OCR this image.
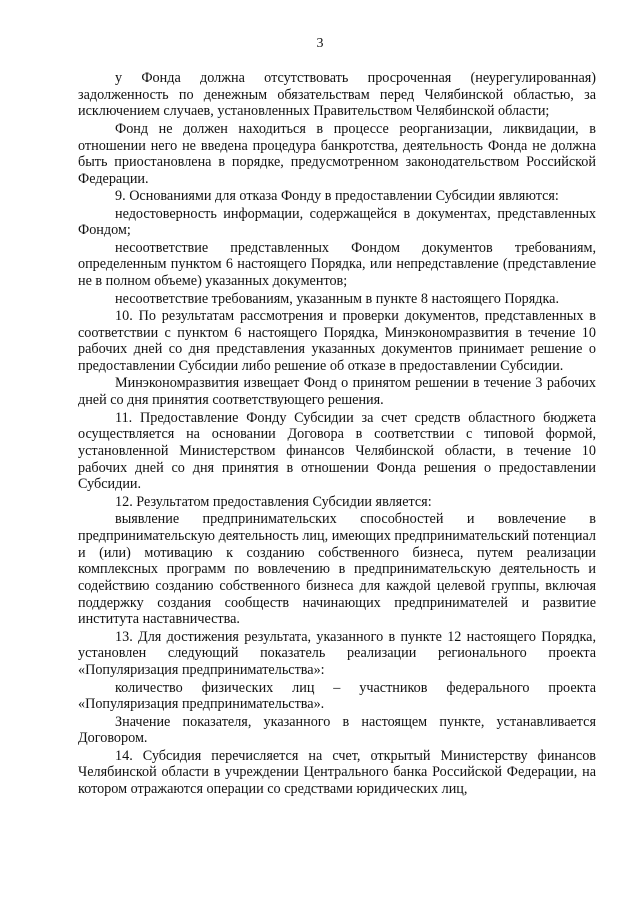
3

у Фонда должна отсутствовать просроченная (неурегулированная) задолженность по денежным обязательствам перед Челябинской областью, за исключением случаев, установленных Правительством Челябинской области;

Фонд не должен находиться в процессе реорганизации, ликвидации, в отношении него не введена процедура банкротства, деятельность Фонда не должна быть приостановлена в порядке, предусмотренном законодательством Российской Федерации.

9. Основаниями для отказа Фонду в предоставлении Субсидии являются:

недостоверность информации, содержащейся в документах, представленных Фондом;

несоответствие представленных Фондом документов требованиям, определенным пунктом 6 настоящего Порядка, или непредставление (представление не в полном объеме) указанных документов;

несоответствие требованиям, указанным в пункте 8 настоящего Порядка.

10. По результатам рассмотрения и проверки документов, представленных в соответствии с пунктом 6 настоящего Порядка, Минэкономразвития в течение 10 рабочих дней со дня представления указанных документов принимает решение о предоставлении Субсидии либо решение об отказе в предоставлении Субсидии.

Минэкономразвития извещает Фонд о принятом решении в течение 3 рабочих дней со дня принятия соответствующего решения.

11. Предоставление Фонду Субсидии за счет средств областного бюджета осуществляется на основании Договора в соответствии с типовой формой, установленной Министерством финансов Челябинской области, в течение 10 рабочих дней со дня принятия в отношении Фонда решения о предоставлении Субсидии.

12. Результатом предоставления Субсидии является:

выявление предпринимательских способностей и вовлечение в предпринимательскую деятельность лиц, имеющих предпринимательский потенциал и (или) мотивацию к созданию собственного бизнеса, путем реализации комплексных программ по вовлечению в предпринимательскую деятельность и содействию созданию собственного бизнеса для каждой целевой группы, включая поддержку создания сообществ начинающих предпринимателей и развитие института наставничества.

13. Для достижения результата, указанного в пункте 12 настоящего Порядка, установлен следующий показатель реализации регионального проекта «Популяризация предпринимательства»:

количество физических лиц – участников федерального проекта «Популяризация предпринимательства».

Значение показателя, указанного в настоящем пункте, устанавливается Договором.

14. Субсидия перечисляется на счет, открытый Министерству финансов Челябинской области в учреждении Центрального банка Российской Федерации, на котором отражаются операции со средствами юридических лиц,
